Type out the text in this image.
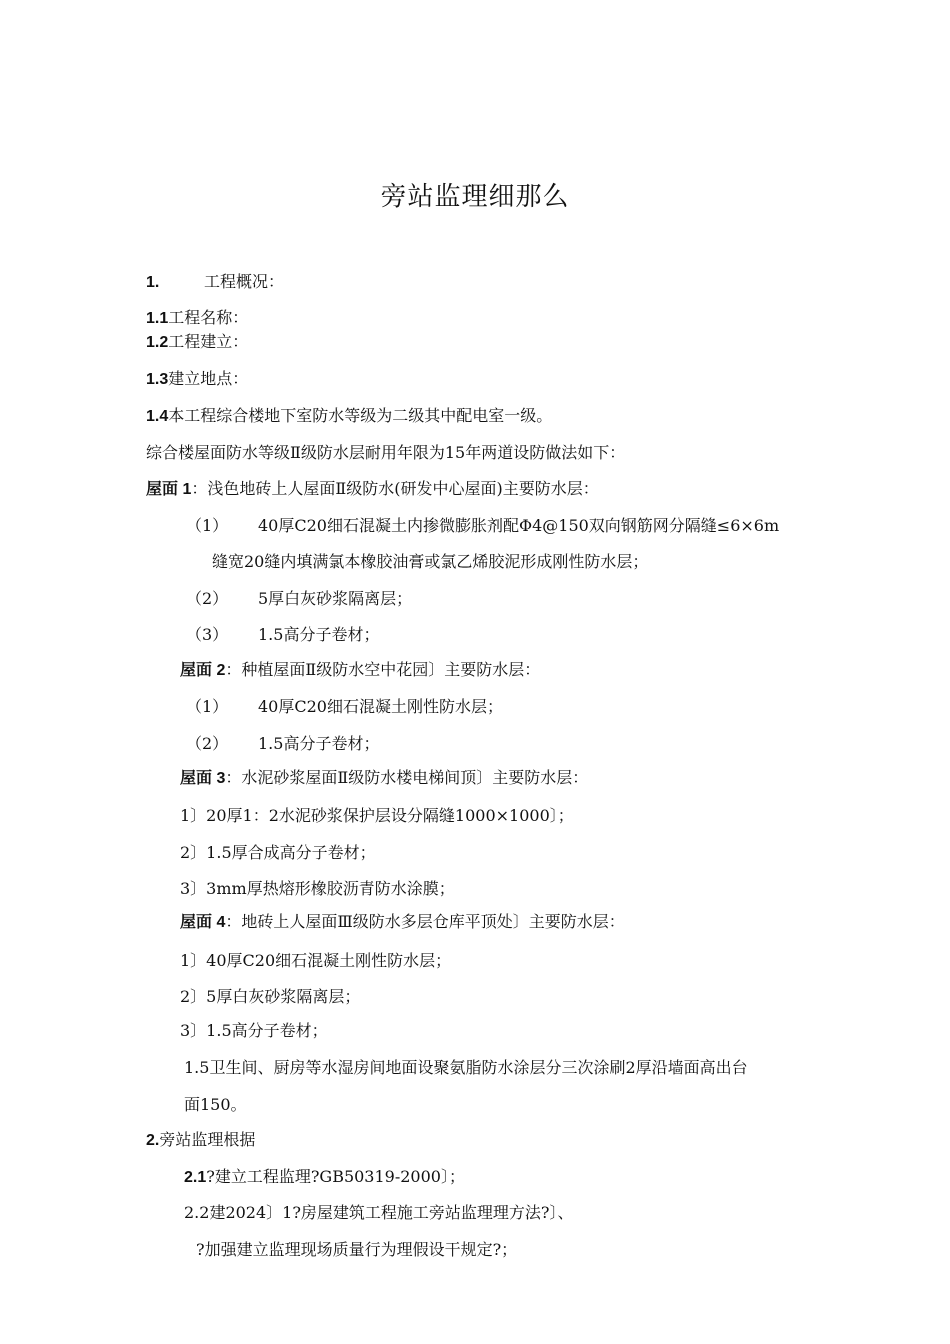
旁站监理细那么
1.	工程概况：
1.1工程名称：
1.2工程建立：
1.3建立地点：
1.4本工程综合楼地下室防水等级为二级其中配电室一级。
综合楼屋面防水等级Ⅱ级防水层耐用年限为15年两道设防做法如下：
屋面 1：浅色地砖上人屋面Ⅱ级防水(研发中心屋面)主要防水层：
（1） 40厚C20细石混凝土内掺微膨胀剂配Φ4@150双向钢筋网分隔缝≤6×6m
缝宽20缝内填满氯本橡胶油膏或氯乙烯胶泥形成刚性防水层；
（2） 5厚白灰砂浆隔离层；
（3） 1.5高分子卷材；
屋面 2：种植屋面Ⅱ级防水空中花园〕主要防水层：
（1） 40厚C20细石混凝土刚性防水层；
（2） 1.5高分子卷材；
屋面 3：水泥砂浆屋面Ⅱ级防水楼电梯间顶〕主要防水层：
1〕20厚1：2水泥砂浆保护层设分隔缝1000×1000〕；
2〕1.5厚合成高分子卷材；
3〕3mm厚热熔形橡胶沥青防水涂膜；
屋面 4：地砖上人屋面Ⅲ级防水多层仓库平顶处〕主要防水层：
1〕40厚C20细石混凝土刚性防水层；
2〕5厚白灰砂浆隔离层；
3〕1.5高分子卷材；
1.5卫生间、厨房等水湿房间地面设聚氨脂防水涂层分三次涂刷2厚沿墙面高出台
面150。
2.旁站监理根据
2.1?建立工程监理?GB50319-2000〕；
2.2建2024〕1?房屋建筑工程施工旁站监理理方法?〕、
?加强建立监理现场质量行为理假设干规定?；
